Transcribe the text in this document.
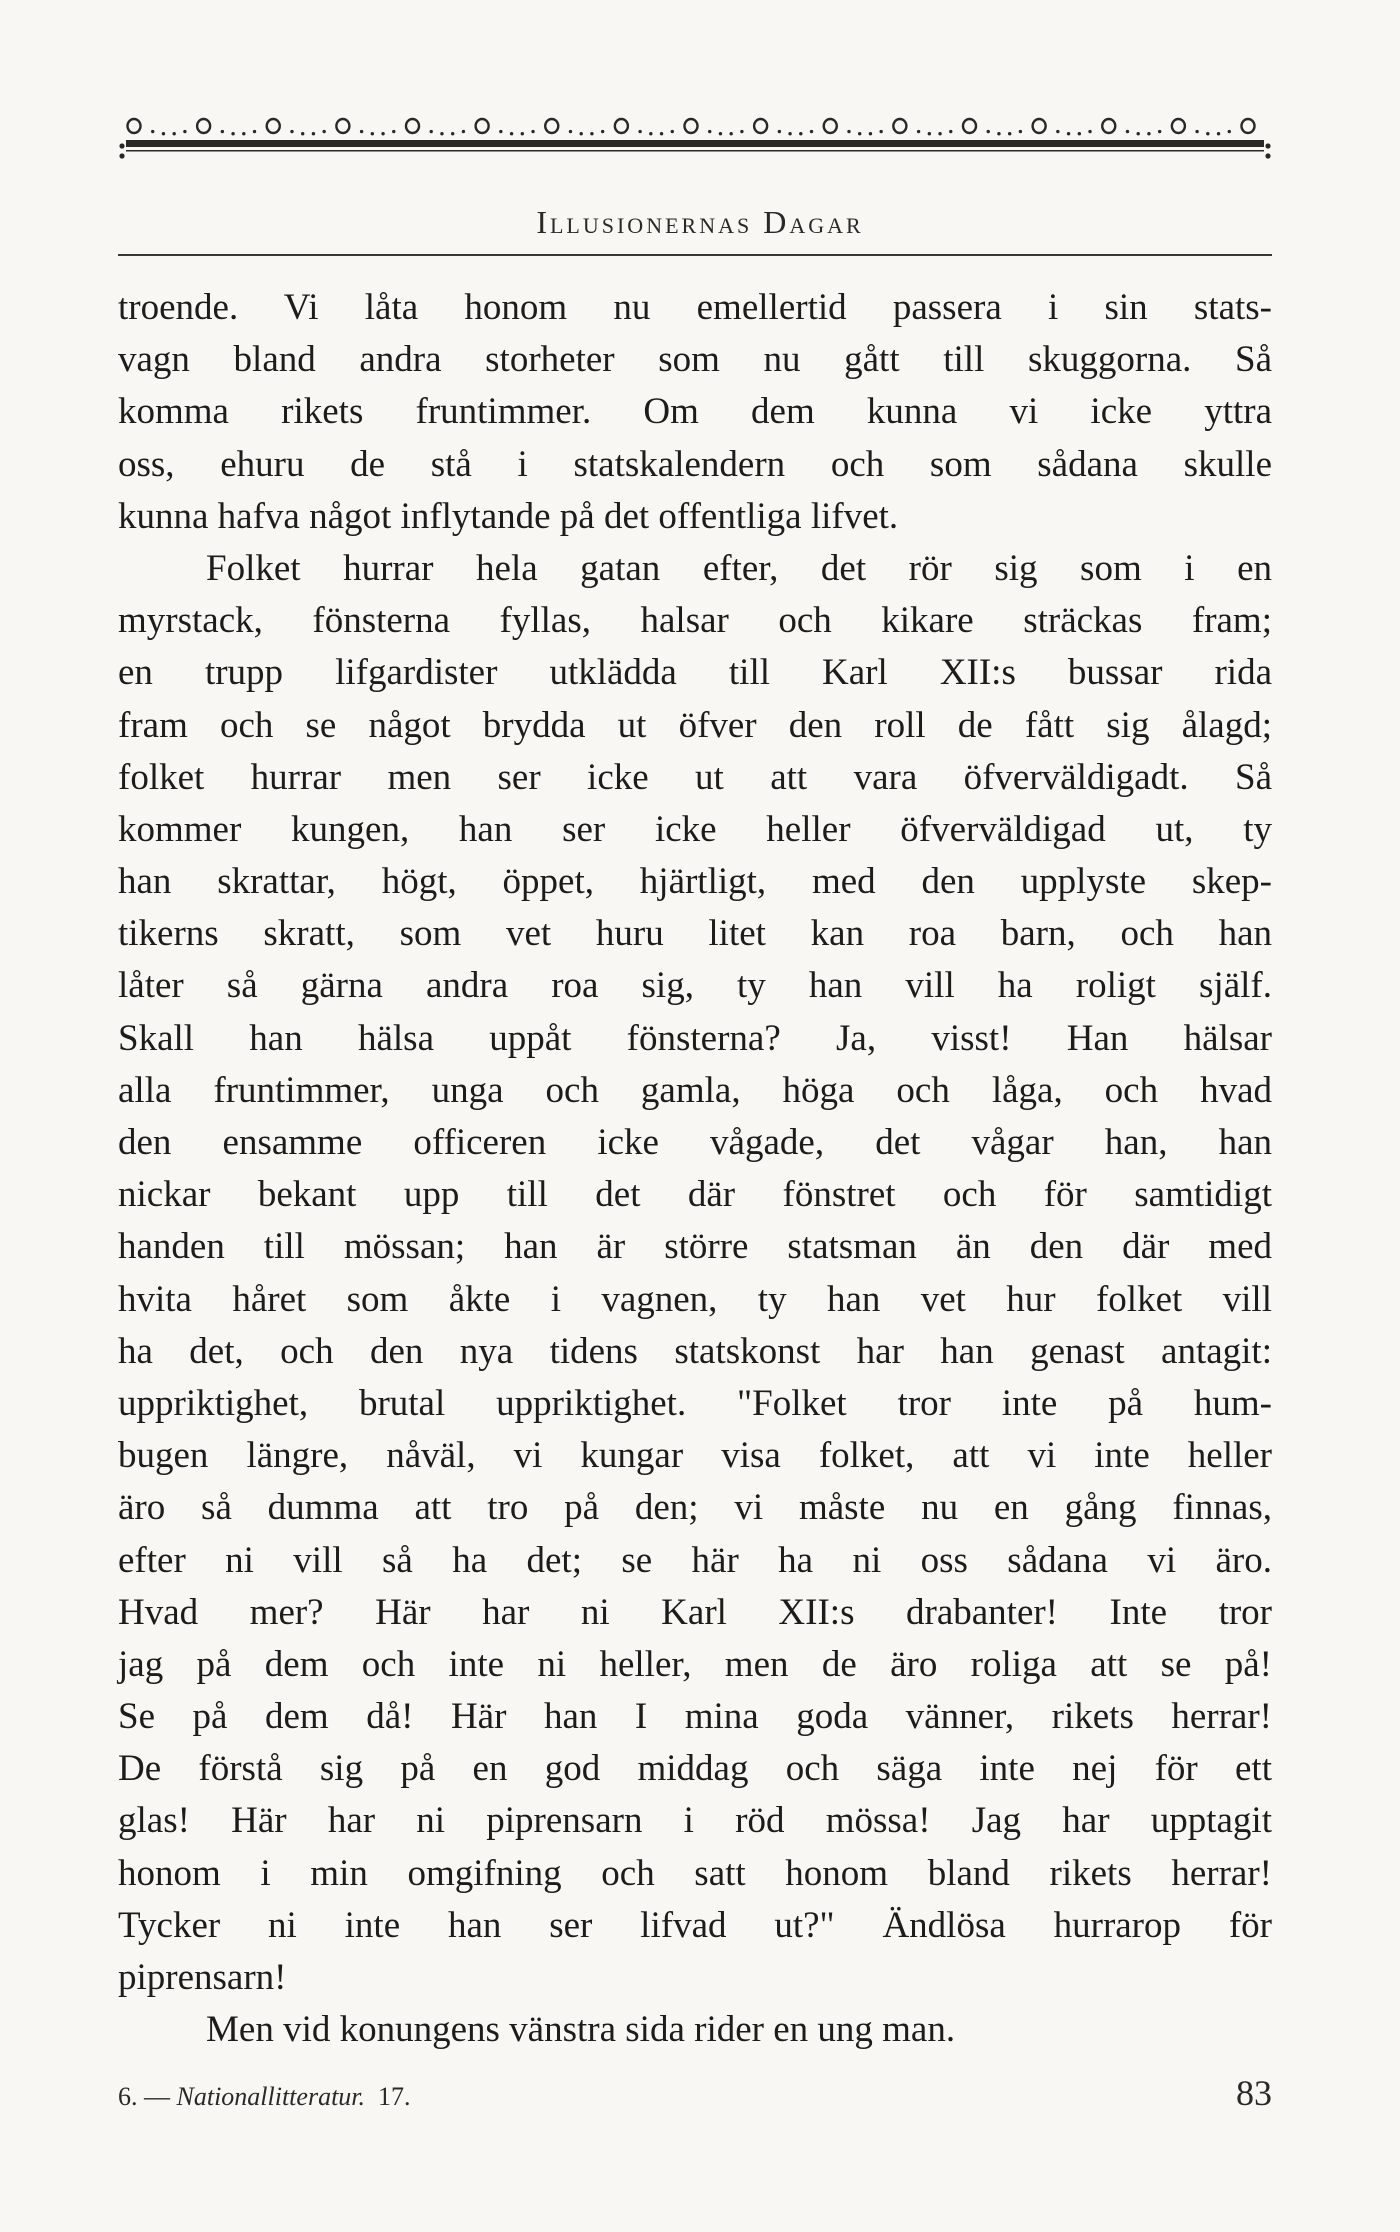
Illusionernas Dagar
troende. Vi låta honom nu emellertid passera i sin stats-
vagn bland andra storheter som nu gått till skuggorna. Så
komma rikets fruntimmer. Om dem kunna vi icke yttra
oss, ehuru de stå i statskalendern och som sådana skulle
kunna hafva något inflytande på det offentliga lifvet.
Folket hurrar hela gatan efter, det rör sig som i en
myrstack, fönsterna fyllas, halsar och kikare sträckas fram;
en trupp lifgardister utklädda till Karl XII:s bussar rida
fram och se något brydda ut öfver den roll de fått sig ålagd;
folket hurrar men ser icke ut att vara öfverväldigadt. Så
kommer kungen, han ser icke heller öfverväldigad ut, ty
han skrattar, högt, öppet, hjärtligt, med den upplyste skep-
tikerns skratt, som vet huru litet kan roa barn, och han
låter så gärna andra roa sig, ty han vill ha roligt själf.
Skall han hälsa uppåt fönsterna? Ja, visst! Han hälsar
alla fruntimmer, unga och gamla, höga och låga, och hvad
den ensamme officeren icke vågade, det vågar han, han
nickar bekant upp till det där fönstret och för samtidigt
handen till mössan; han är större statsman än den där med
hvita håret som åkte i vagnen, ty han vet hur folket vill
ha det, och den nya tidens statskonst har han genast antagit:
uppriktighet, brutal uppriktighet. "Folket tror inte på hum-
bugen längre, nåväl, vi kungar visa folket, att vi inte heller
äro så dumma att tro på den; vi måste nu en gång finnas,
efter ni vill så ha det; se här ha ni oss sådana vi äro.
Hvad mer? Här har ni Karl XII:s drabanter! Inte tror
jag på dem och inte ni heller, men de äro roliga att se på!
Se på dem då! Här han I mina goda vänner, rikets herrar!
De förstå sig på en god middag och säga inte nej för ett
glas! Här har ni piprensarn i röd mössa! Jag har upptagit
honom i min omgifning och satt honom bland rikets herrar!
Tycker ni inte han ser lifvad ut?" Ändlösa hurrarop för
piprensarn!
Men vid konungens vänstra sida rider en ung man.
6. — Nationallitteratur. 17.	83
